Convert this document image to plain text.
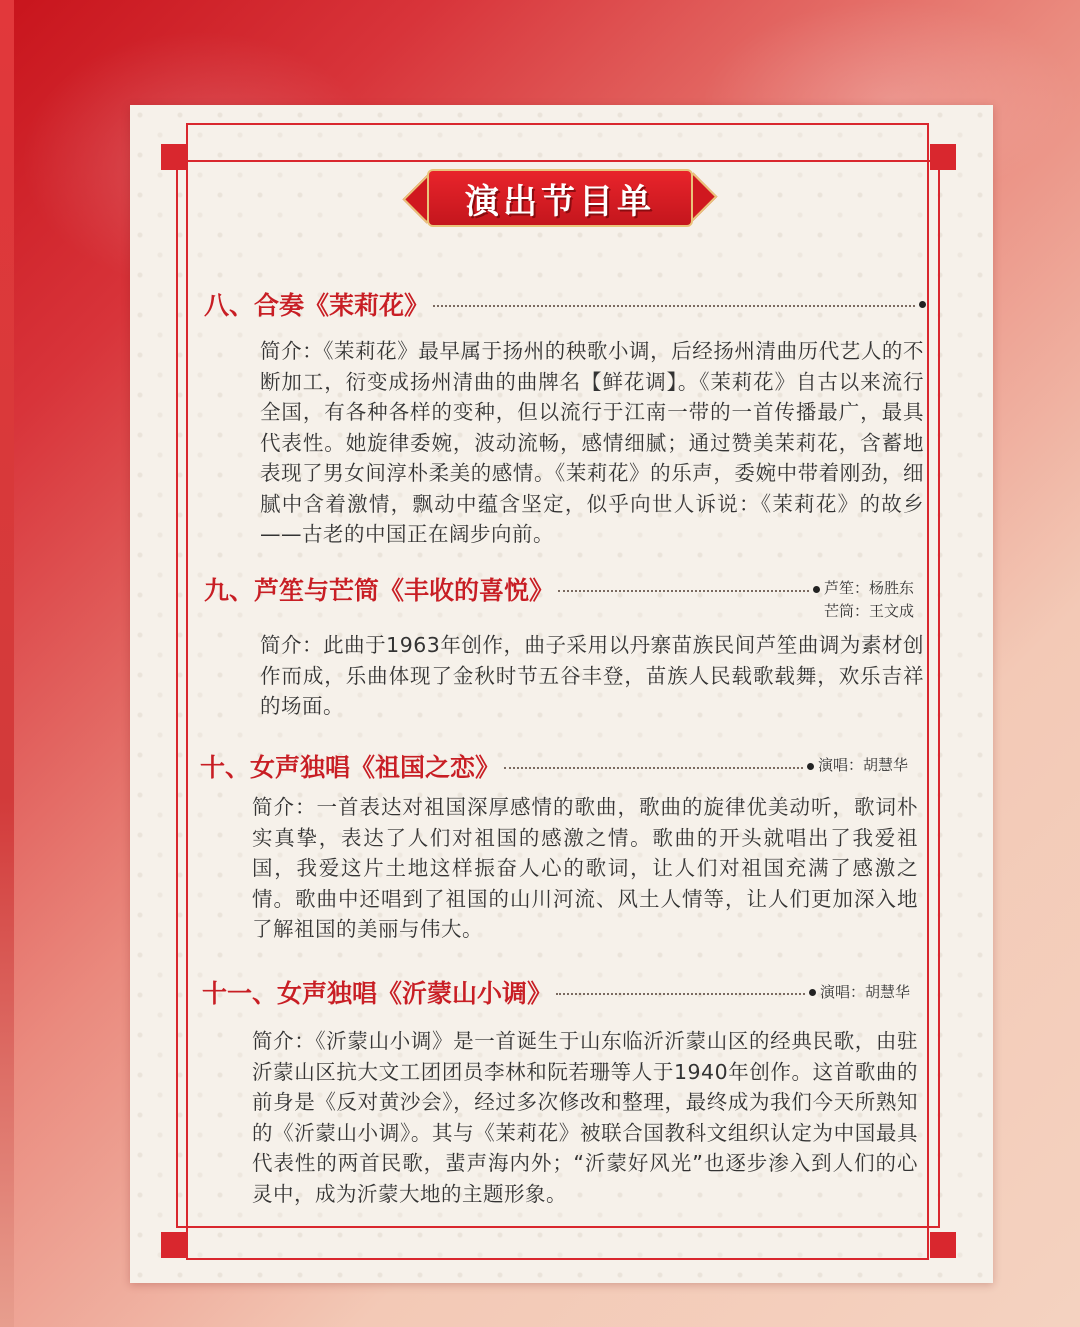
演出节目单
八、合奏《茉莉花》
简介：《茉莉花》最早属于扬州的秧歌小调，后经扬州清曲历代艺人的不断加工，衍变成扬州清曲的曲牌名【鲜花调】。《茉莉花》自古以来流行全国，有各种各样的变种，但以流行于江南一带的一首传播最广，最具代表性。她旋律委婉，波动流畅，感情细腻；通过赞美茉莉花，含蓄地表现了男女间淳朴柔美的感情。《茉莉花》的乐声，委婉中带着刚劲，细腻中含着激情，飘动中蕴含坚定，似乎向世人诉说：《茉莉花》的故乡——古老的中国正在阔步向前。
九、芦笙与芒筒《丰收的喜悦》	芦笙：杨胜东
芒筒：王文成
简介：此曲于1963年创作，曲子采用以丹寨苗族民间芦笙曲调为素材创作而成，乐曲体现了金秋时节五谷丰登，苗族人民载歌载舞，欢乐吉祥的场面。
十、女声独唱《祖国之恋》	演唱：胡慧华
简介：一首表达对祖国深厚感情的歌曲，歌曲的旋律优美动听，歌词朴实真挚，表达了人们对祖国的感激之情。歌曲的开头就唱出了我爱祖国，我爱这片土地这样振奋人心的歌词，让人们对祖国充满了感激之情。歌曲中还唱到了祖国的山川河流、风土人情等，让人们更加深入地了解祖国的美丽与伟大。
十一、女声独唱《沂蒙山小调》	演唱：胡慧华
简介：《沂蒙山小调》是一首诞生于山东临沂沂蒙山区的经典民歌，由驻沂蒙山区抗大文工团团员李林和阮若珊等人于1940年创作。这首歌曲的前身是《反对黄沙会》，经过多次修改和整理，最终成为我们今天所熟知的《沂蒙山小调》。其与《茉莉花》被联合国教科文组织认定为中国最具代表性的两首民歌，蜚声海内外；“沂蒙好风光”也逐步渗入到人们的心灵中，成为沂蒙大地的主题形象。
